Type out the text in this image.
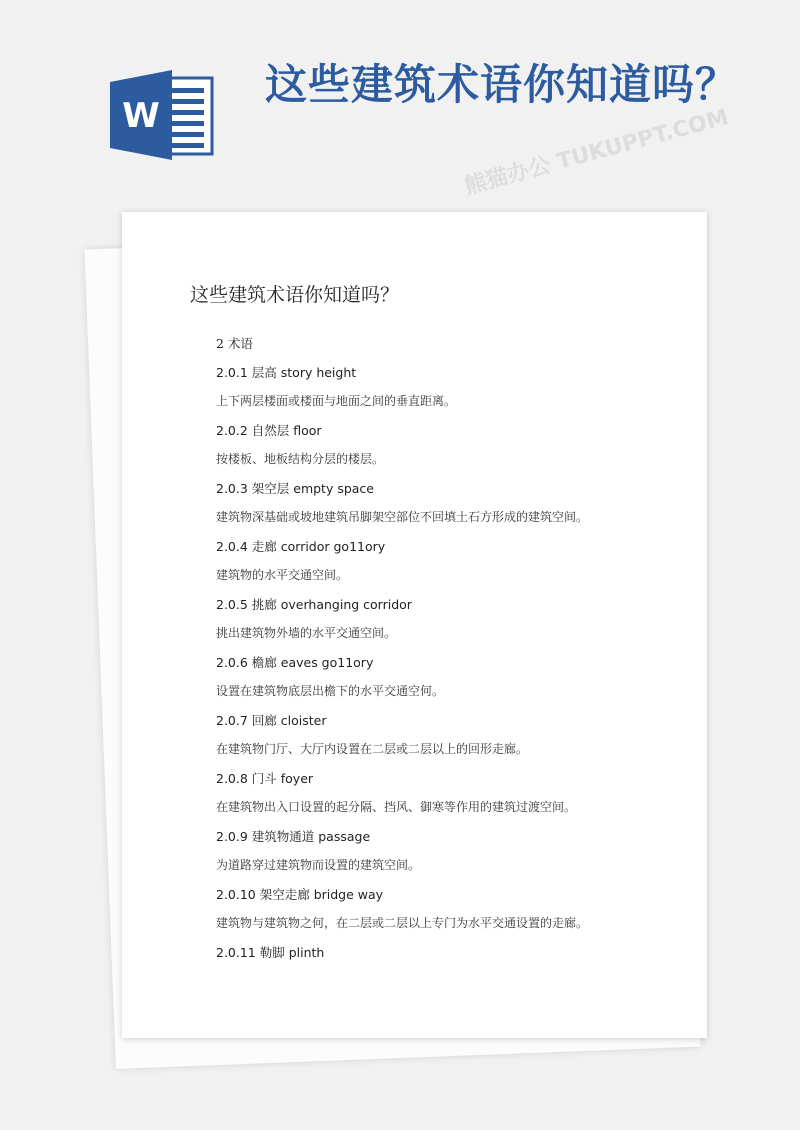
W
这些建筑术语你知道吗？
熊猫办公 TUKUPPT.COM
这些建筑术语你知道吗？
2 术语
2.0.1 层高 story height
上下两层楼面或楼面与地面之间的垂直距离。
2.0.2 自然层 floor
按楼板、地板结构分层的楼层。
2.0.3 架空层 empty space
建筑物深基础或坡地建筑吊脚架空部位不回填土石方形成的建筑空间。
2.0.4 走廊 corridor go11ory
建筑物的水平交通空间。
2.0.5 挑廊 overhanging corridor
挑出建筑物外墙的水平交通空间。
2.0.6 檐廊 eaves go11ory
设置在建筑物底层出檐下的水平交通空何。
2.0.7 回廊 cloister
在建筑物门厅、大厅内设置在二层或二层以上的回形走廊。
2.0.8 门斗 foyer
在建筑物出入口设置的起分隔、挡风、御寒等作用的建筑过渡空间。
2.0.9 建筑物通道 passage
为道路穿过建筑物而设置的建筑空间。
2.0.10 架空走廊 bridge way
建筑物与建筑物之何，在二层或二层以上专门为水平交通设置的走廊。
2.0.11 勒脚 plinth
